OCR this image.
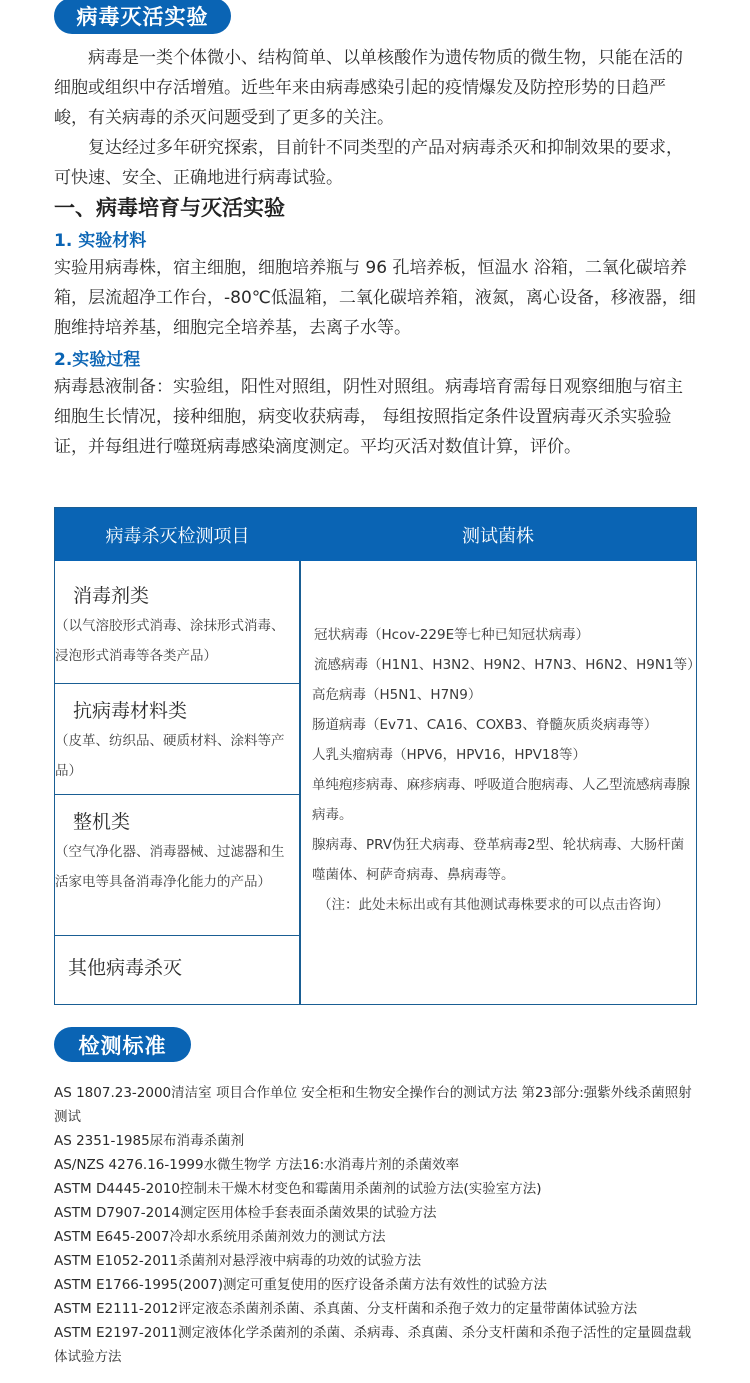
病毒灭活实验

病毒是一类个体微小、结构简单、以单核酸作为遗传物质的微生物，只能在活的细胞或组织中存活增殖。近些年来由病毒感染引起的疫情爆发及防控形势的日趋严峻，有关病毒的杀灭问题受到了更多的关注。

复达经过多年研究探索，目前针不同类型的产品对病毒杀灭和抑制效果的要求，可快速、安全、正确地进行病毒试验。

一、病毒培育与灭活实验
1. 实验材料

实验用病毒株，宿主细胞，细胞培养瓶与 96 孔培养板，恒温水 浴箱，二氧化碳培养箱，层流超净工作台，-80℃低温箱，二氧化碳培养箱，液氮，离心设备，移液器，细胞维持培养基，细胞完全培养基，去离子水等。

2.实验过程

病毒悬液制备：实验组，阳性对照组，阴性对照组。病毒培育需每日观察细胞与宿主细胞生长情况，接种细胞，病变收获病毒， 每组按照指定条件设置病毒灭杀实验验证，并每组进行噬斑病毒感染滴度测定。平均灭活对数值计算，评价。

病毒杀灭检测项目	测试菌株
消毒剂类
（以气溶胶形式消毒、涂抹形式消毒、浸泡形式消毒等各类产品）
抗病毒材料类
（皮革、纺织品、硬质材料、涂料等产品）
整机类
（空气净化器、消毒器械、过滤器和生活家电等具备消毒净化能力的产品）
其他病毒杀灭
冠状病毒（Hcov-229E等七种已知冠状病毒）
流感病毒（H1N1、H3N2、H9N2、H7N3、H6N2、H9N1等）
高危病毒（H5N1、H7N9）
肠道病毒（Ev71、CA16、COXB3、脊髓灰质炎病毒等）
人乳头瘤病毒（HPV6，HPV16，HPV18等）
单纯疱疹病毒、麻疹病毒、呼吸道合胞病毒、人乙型流感病毒腺病毒。
腺病毒、PRV伪狂犬病毒、登革病毒2型、轮状病毒、大肠杆菌噬菌体、柯萨奇病毒、鼻病毒等。
（注：此处未标出或有其他测试毒株要求的可以点击咨询）
检测标准
AS 1807.23-2000清洁室 项目合作单位 安全柜和生物安全操作台的测试方法 第23部分:强紫外线杀菌照射测试
AS 2351-1985尿布消毒杀菌剂
AS/NZS 4276.16-1999水微生物学 方法16:水消毒片剂的杀菌效率
ASTM D4445-2010控制未干燥木材变色和霉菌用杀菌剂的试验方法(实验室方法)
ASTM D7907-2014测定医用体检手套表面杀菌效果的试验方法
ASTM E645-2007冷却水系统用杀菌剂效力的测试方法
ASTM E1052-2011杀菌剂对悬浮液中病毒的功效的试验方法
ASTM E1766-1995(2007)测定可重复使用的医疗设备杀菌方法有效性的试验方法
ASTM E2111-2012评定液态杀菌剂杀菌、杀真菌、分支杆菌和杀孢子效力的定量带菌体试验方法
ASTM E2197-2011测定液体化学杀菌剂的杀菌、杀病毒、杀真菌、杀分支杆菌和杀孢子活性的定量圆盘载体试验方法
